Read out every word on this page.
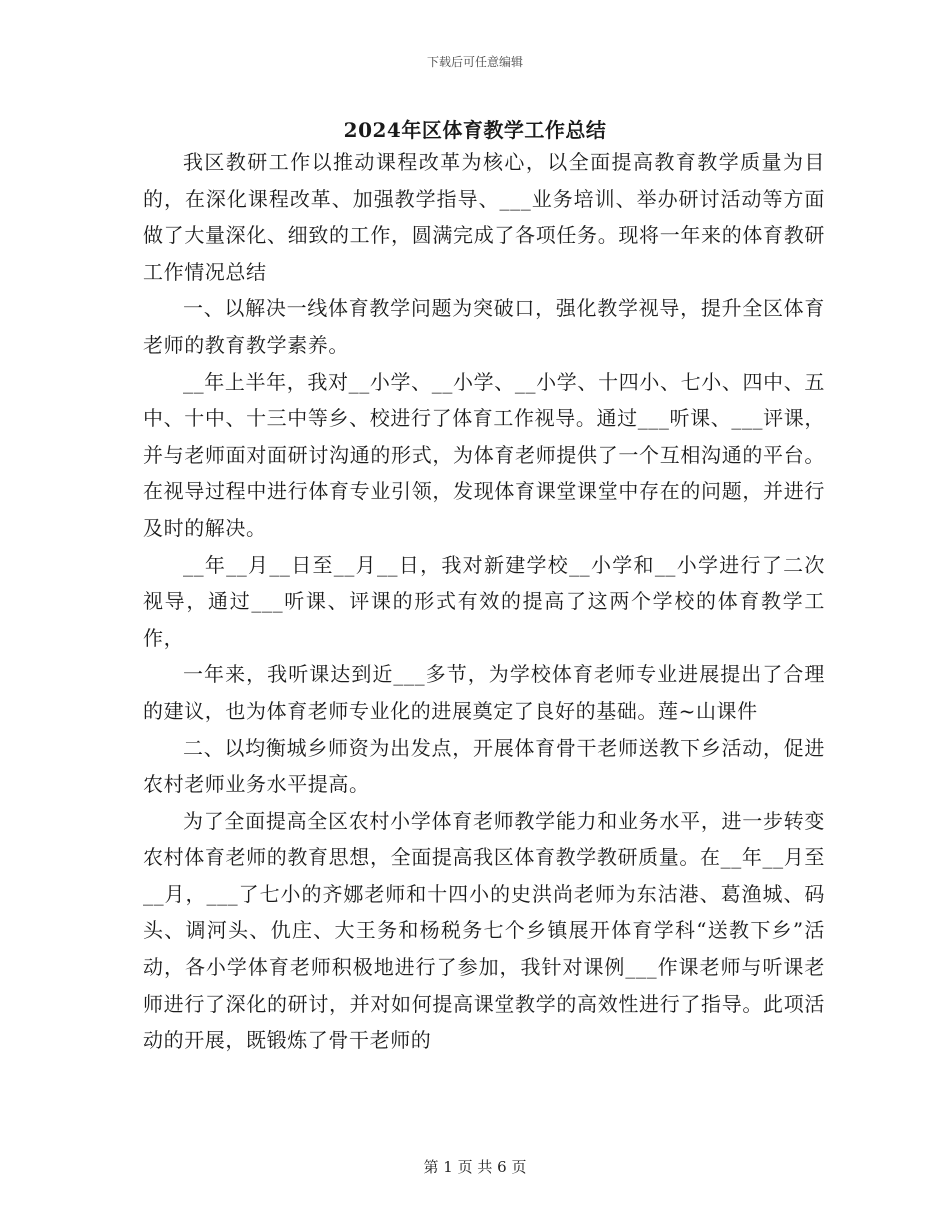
下载后可任意编辑
2024年区体育教学工作总结

我区教研工作以推动课程改革为核心，以全面提高教育教学质量为目的，在深化课程改革、加强教学指导、___业务培训、举办研讨活动等方面做了大量深化、细致的工作，圆满完成了各项任务。现将一年来的体育教研工作情况总结

一、以解决一线体育教学问题为突破口，强化教学视导，提升全区体育老师的教育教学素养。

__年上半年，我对__小学、__小学、__小学、十四小、七小、四中、五中、十中、十三中等乡、校进行了体育工作视导。通过___听课、___评课，并与老师面对面研讨沟通的形式，为体育老师提供了一个互相沟通的平台。在视导过程中进行体育专业引领，发现体育课堂课堂中存在的问题，并进行及时的解决。

__年__月__日至__月__日，我对新建学校__小学和__小学进行了二次视导，通过___听课、评课的形式有效的提高了这两个学校的体育教学工作，

一年来，我听课达到近___多节，为学校体育老师专业进展提出了合理的建议，也为体育老师专业化的进展奠定了良好的基础。莲~山课件

二、以均衡城乡师资为出发点，开展体育骨干老师送教下乡活动，促进农村老师业务水平提高。

为了全面提高全区农村小学体育老师教学能力和业务水平，进一步转变农村体育老师的教育思想，全面提高我区体育教学教研质量。在__年__月至__月，___了七小的齐娜老师和十四小的史洪尚老师为东沽港、葛渔城、码头、调河头、仇庄、大王务和杨税务七个乡镇展开体育学科“送教下乡”活动，各小学体育老师积极地进行了参加，我针对课例___作课老师与听课老师进行了深化的研讨，并对如何提高课堂教学的高效性进行了指导。此项活动的开展，既锻炼了骨干老师的

第 1 页 共 6 页
